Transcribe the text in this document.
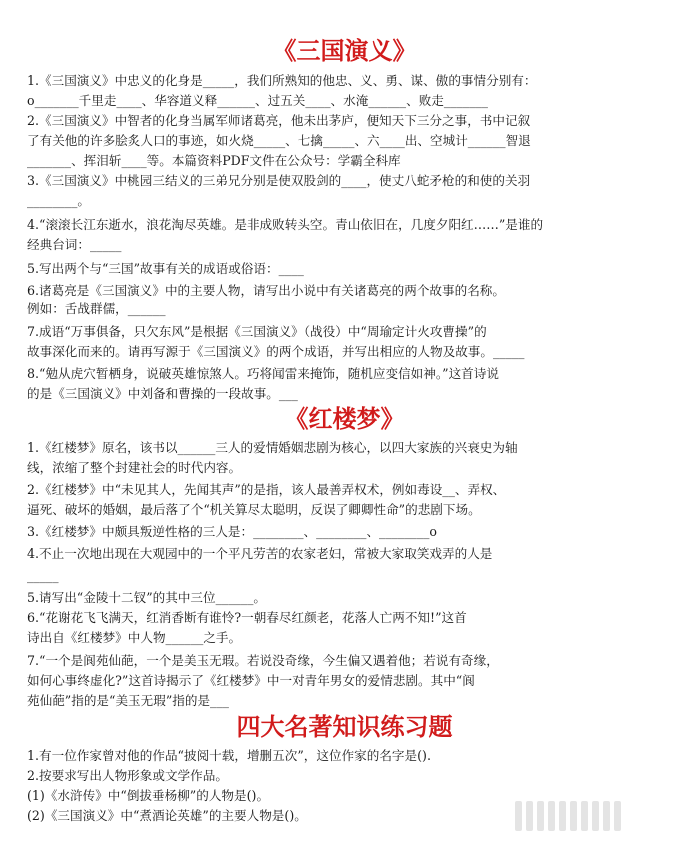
《三国演义》
1.《三国演义》中忠义的化身是_____，我们所熟知的他忠、义、勇、谋、傲的事情分别有：
o_______千里走____、华容道义释______、过五关____、水淹______、败走_______
2.《三国演义》中智者的化身当属军师诸葛亮，他未出茅庐，便知天下三分之事，书中记叙
了有关他的许多脍炙人口的事迹，如火烧_____、七擒_____、六____出、空城计______智退
_______、挥泪斩____等。本篇资料PDF文件在公众号：学霸全科库
3.《三国演义》中桃园三结义的三弟兄分别是使双股剑的____，使丈八蛇矛枪的和使的关羽
________。
4.“滚滚长江东逝水，浪花淘尽英雄。是非成败转头空。青山依旧在，几度夕阳红……”是谁的
经典台词：_____
5.写出两个与“三国”故事有关的成语或俗语：____
6.诸葛亮是《三国演义》中的主要人物，请写出小说中有关诸葛亮的两个故事的名称。
例如：舌战群儒，______
7.成语“万事俱备，只欠东风”是根据《三国演义》（战役）中“周瑜定计火攻曹操”的
故事深化而来的。请再写源于《三国演义》的两个成语，并写出相应的人物及故事。_____
8.“勉从虎穴暂栖身，说破英雄惊煞人。巧将闻雷来掩饰，随机应变信如神。”这首诗说
的是《三国演义》中刘备和曹操的一段故事。___
《红楼梦》
1.《红楼梦》原名，该书以______三人的爱情婚姻悲剧为核心，以四大家族的兴衰史为轴
线，浓缩了整个封建社会的时代内容。
2.《红楼梦》中“未见其人，先闻其声”的是指，该人最善弄权术，例如毒设__、弄权、
逼死、破坏的婚姻，最后落了个“机关算尽太聪明，反误了卿卿性命”的悲剧下场。
3.《红楼梦》中颇具叛逆性格的三人是：________、________、________o
4.不止一次地出现在大观园中的一个平凡劳苦的农家老妇，常被大家取笑戏弄的人是
_____
5.请写出“金陵十二钗”的其中三位______。
6.“花谢花飞飞满天，红消香断有谁怜?一朝春尽红颜老，花落人亡两不知!”这首
诗出自《红楼梦》中人物______之手。
7.“一个是阆苑仙葩，一个是美玉无瑕。若说没奇缘，今生偏又遇着他；若说有奇缘，
如何心事终虚化?”这首诗揭示了《红楼梦》中一对青年男女的爱情悲剧。其中“阆
苑仙葩”指的是“美玉无瑕”指的是___
四大名著知识练习题
1.有一位作家曾对他的作品“披阅十载，增删五次”，这位作家的名字是().
2.按要求写出人物形象或文学作品。
(1)《水浒传》中“倒拔垂杨柳”的人物是()。
(2)《三国演义》中“煮酒论英雄”的主要人物是()。
